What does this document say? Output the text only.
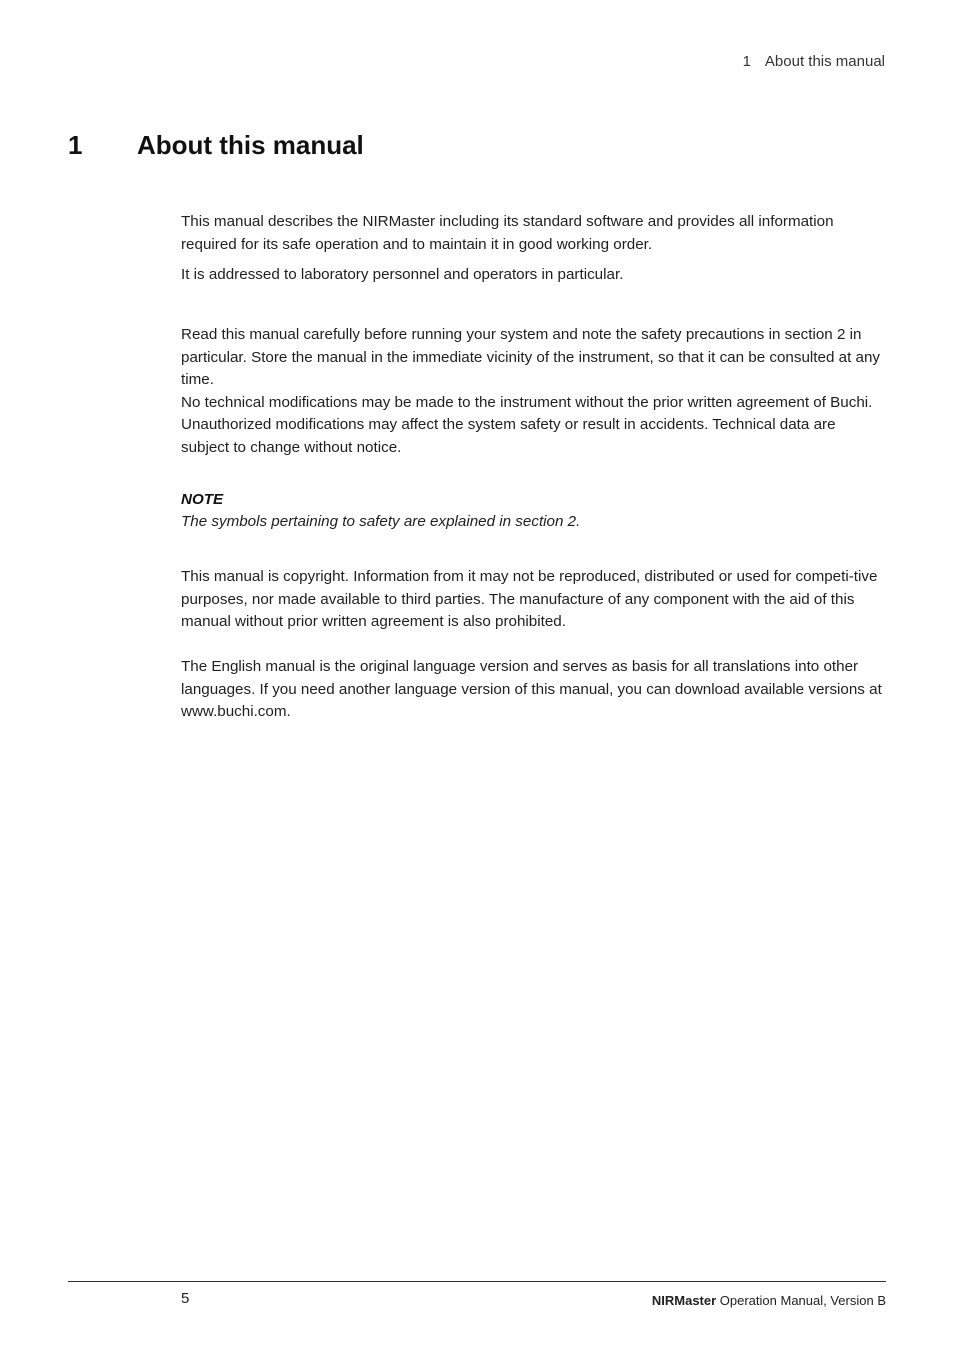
1 About this manual
1 About this manual

This manual describes the NIRMaster including its standard software and provides all information required for its safe operation and to maintain it in good working order.

It is addressed to laboratory personnel and operators in particular.

Read this manual carefully before running your system and note the safety precautions in section 2 in particular. Store the manual in the immediate vicinity of the instrument, so that it can be consulted at any time.

No technical modifications may be made to the instrument without the prior written agreement of Buchi. Unauthorized modifications may affect the system safety or result in accidents. Technical data are subject to change without notice.

NOTE
The symbols pertaining to safety are explained in section 2.

This manual is copyright. Information from it may not be reproduced, distributed or used for competi-tive purposes, nor made available to third parties. The manufacture of any component with the aid of this manual without prior written agreement is also prohibited.

The English manual is the original language version and serves as basis for all translations into other languages. If you need another language version of this manual, you can download available versions at www.buchi.com.

5	NIRMaster Operation Manual, Version B
